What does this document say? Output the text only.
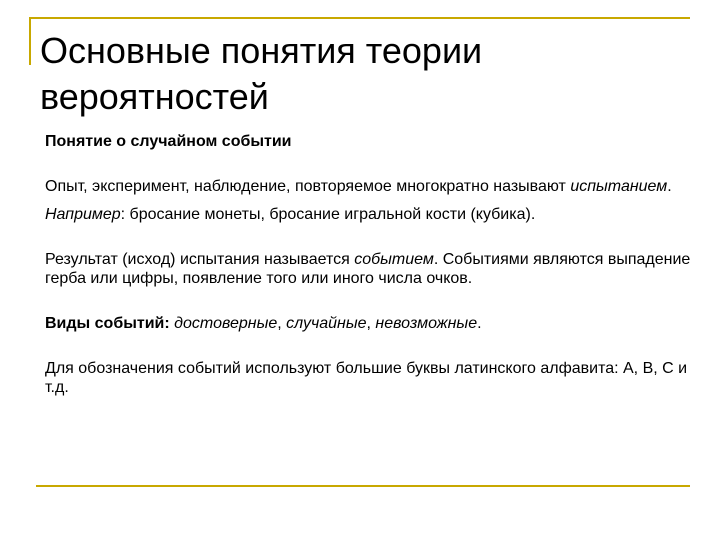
Основные понятия теории
вероятностей

Понятие о случайном событии

Опыт, эксперимент, наблюдение, повторяемое многократно называют испытанием.

Например: бросание монеты, бросание игральной кости (кубика).

Результат (исход) испытания называется событием. Событиями являются выпадение герба или цифры, появление того или иного числа очков.

Виды событий: достоверные, случайные, невозможные.

Для обозначения событий используют большие буквы латинского алфавита: А, В, С и т.д.
